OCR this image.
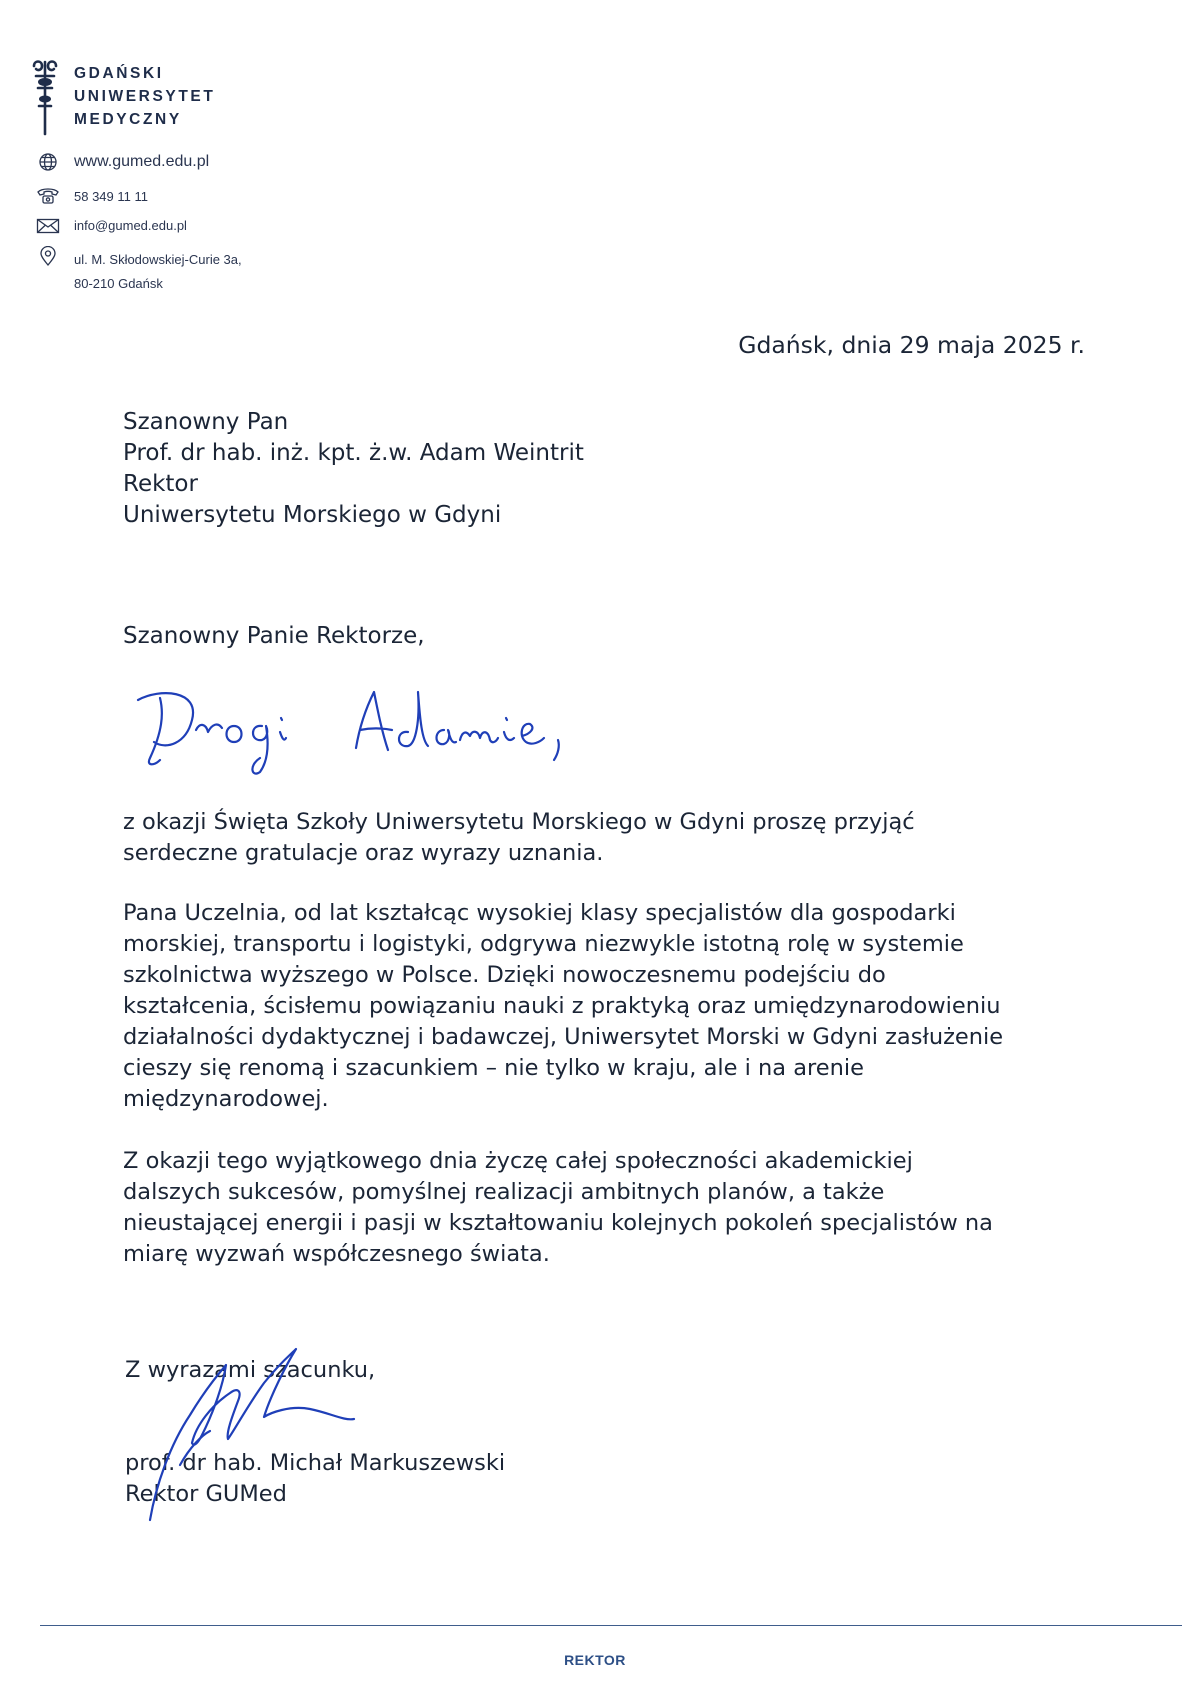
GDAŃSKI
UNIWERSYTET
MEDYCZNY
www.gumed.edu.pl
58 349 11 11
info@gumed.edu.pl
ul. M. Skłodowskiej-Curie 3a,
80-210 Gdańsk
Gdańsk, dnia 29 maja 2025 r.
Szanowny Pan
Prof. dr hab. inż. kpt. ż.w. Adam Weintrit
Rektor
Uniwersytetu Morskiego w Gdyni
Szanowny Panie Rektorze,
z okazji Święta Szkoły Uniwersytetu Morskiego w Gdyni proszę przyjąć
serdeczne gratulacje oraz wyrazy uznania.
Pana Uczelnia, od lat kształcąc wysokiej klasy specjalistów dla gospodarki
morskiej, transportu i logistyki, odgrywa niezwykle istotną rolę w systemie
szkolnictwa wyższego w Polsce. Dzięki nowoczesnemu podejściu do
kształcenia, ścisłemu powiązaniu nauki z praktyką oraz umiędzynarodowieniu
działalności dydaktycznej i badawczej, Uniwersytet Morski w Gdyni zasłużenie
cieszy się renomą i szacunkiem – nie tylko w kraju, ale i na arenie
międzynarodowej.
Z okazji tego wyjątkowego dnia życzę całej społeczności akademickiej
dalszych sukcesów, pomyślnej realizacji ambitnych planów, a także
nieustającej energii i pasji w kształtowaniu kolejnych pokoleń specjalistów na
miarę wyzwań współczesnego świata.
Z wyrazami szacunku,
prof. dr hab. Michał Markuszewski
Rektor GUMed
REKTOR
